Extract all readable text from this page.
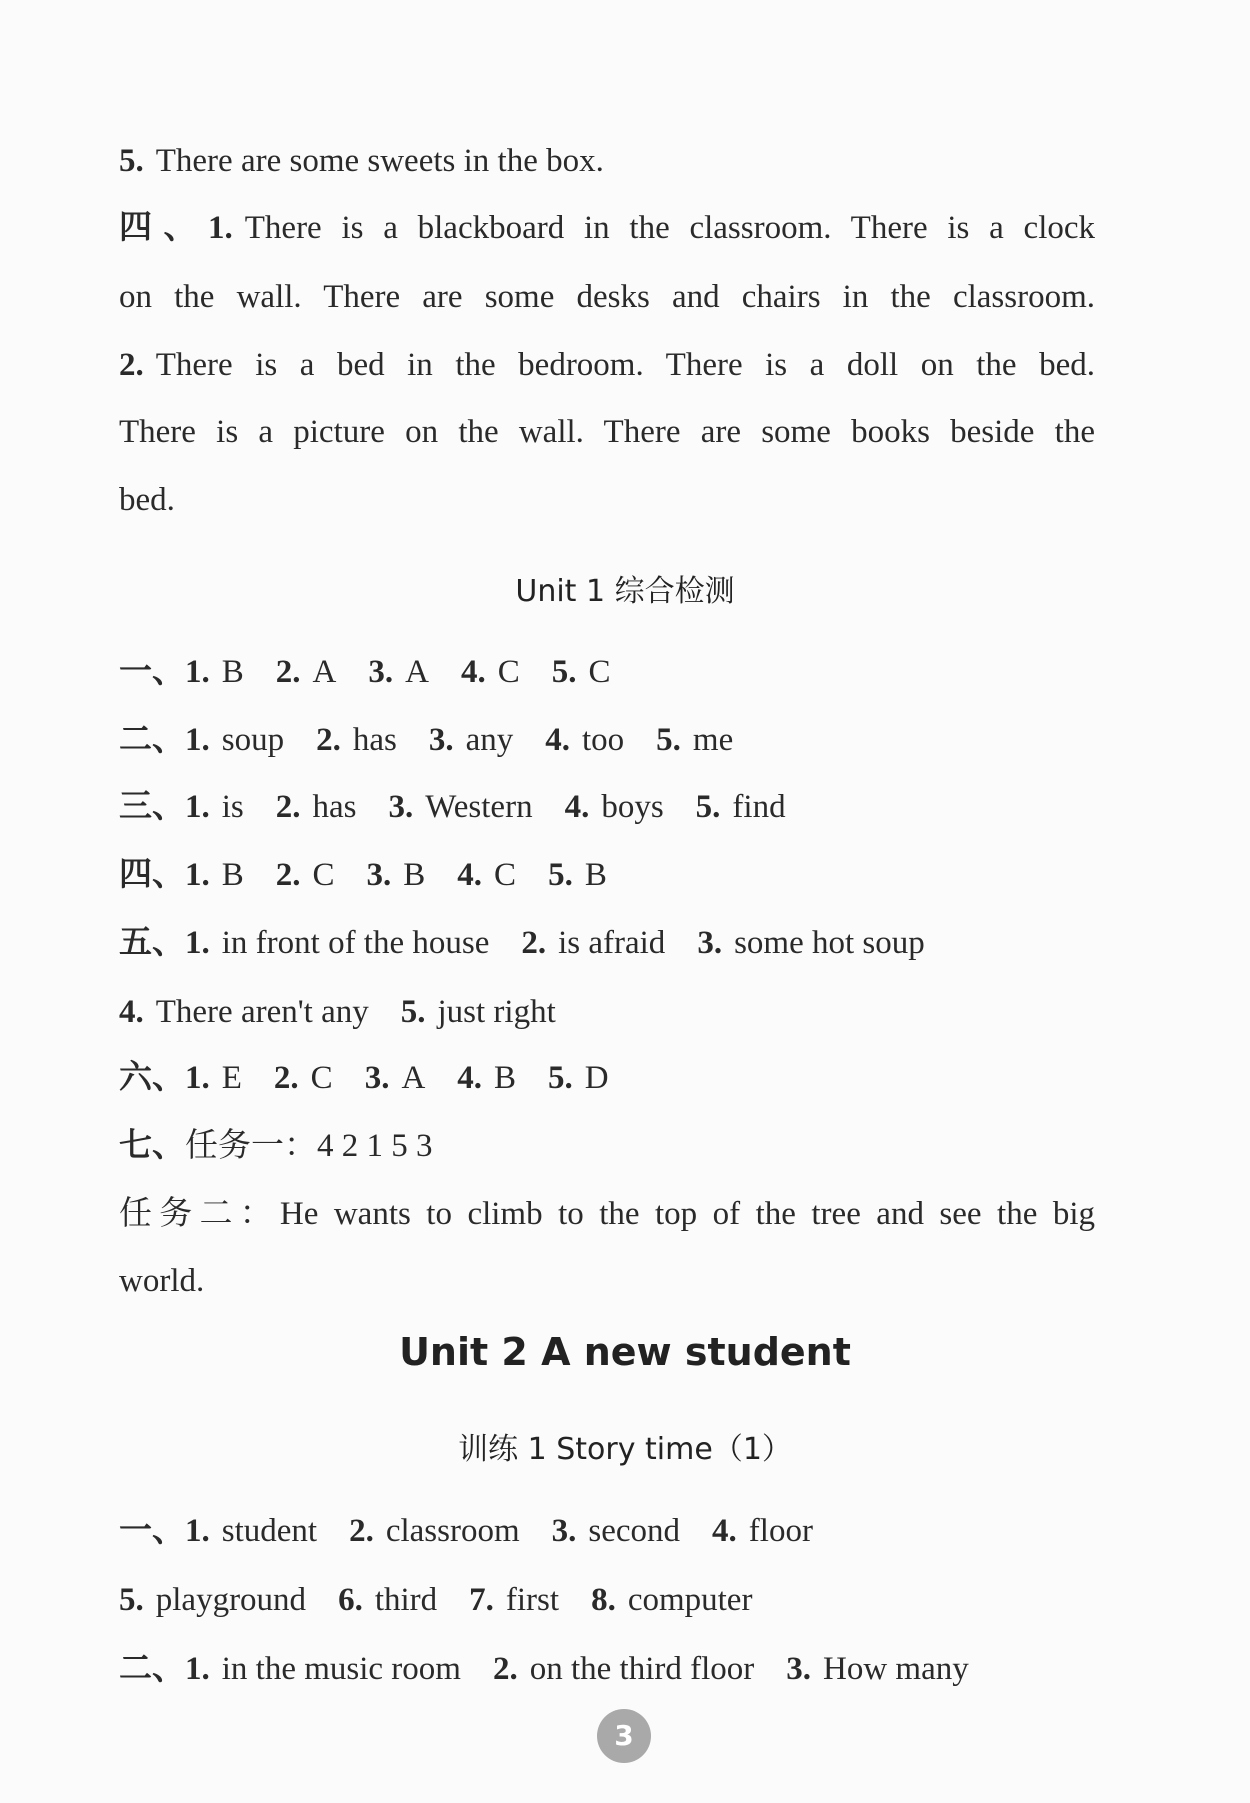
5. There are some sweets in the box.
四、1. There is a blackboard in the classroom. There is a clock
on the wall. There are some desks and chairs in the classroom.
2. There is a bed in the bedroom. There is a doll on the bed.
There is a picture on the wall. There are some books beside the
bed.
一、1. B 2. A 3. A 4. C 5. C
二、1. soup 2. has 3. any 4. too 5. me
三、1. is 2. has 3. Western 4. boys 5. find
四、1. B 2. C 3. B 4. C 5. B
五、1. in front of the house 2. is afraid 3. some hot soup
4. There aren't any 5. just right
六、1. E 2. C 3. A 4. B 5. D
七、任务一：4 2 1 5 3
任务二：He wants to climb to the top of the tree and see the big
world.
一、1. student 2. classroom 3. second 4. floor
5. playground 6. third 7. first 8. computer
二、1. in the music room 2. on the third floor 3. How many
Unit 1 综合检测
Unit 2 A new student
训练 1 Story time（1）
3
